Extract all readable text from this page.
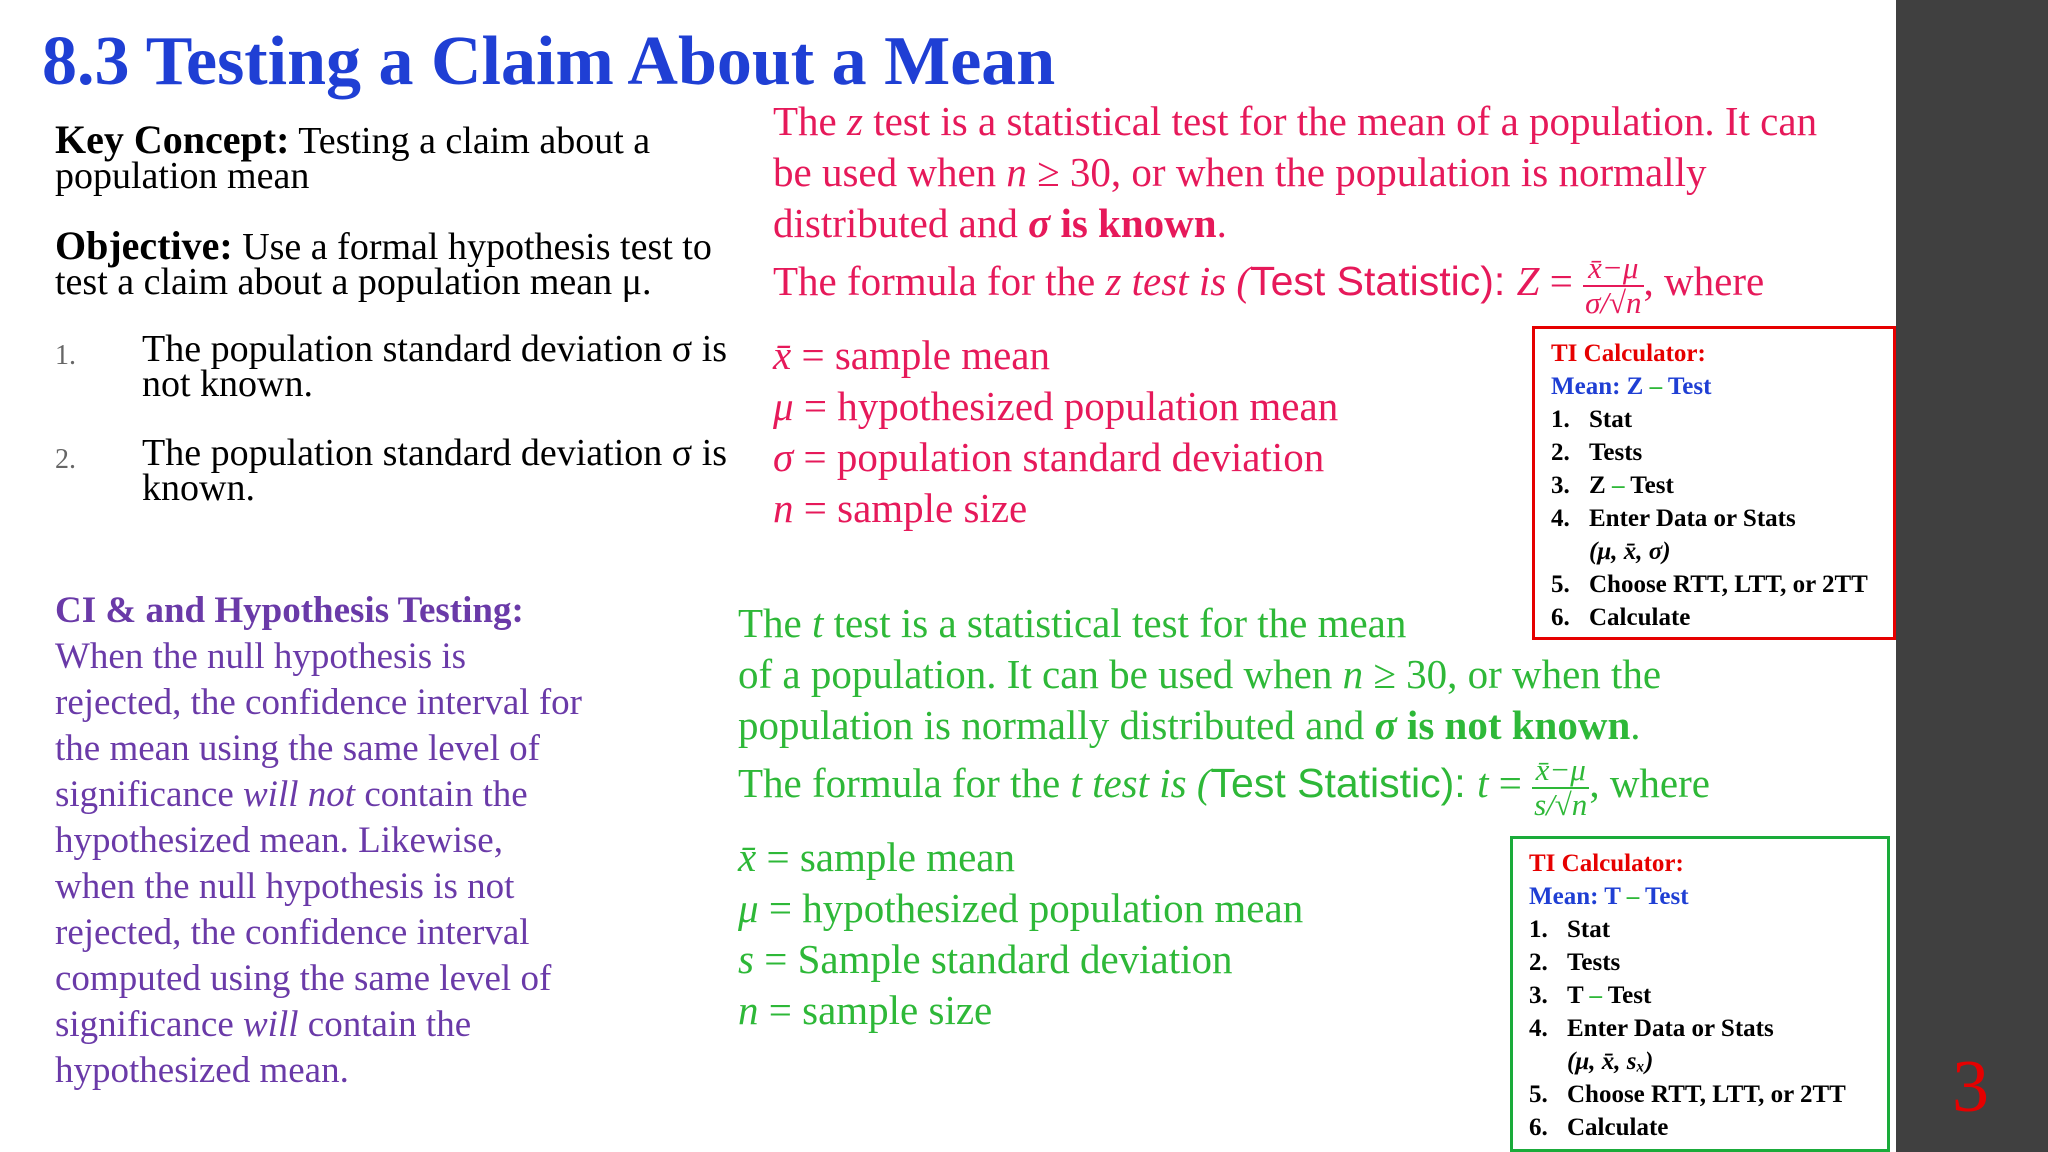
8.3 Testing a Claim About a Mean
Key Concept: Testing a claim about a
population mean
Objective: Use a formal hypothesis test to
test a claim about a population mean μ.
1. The population standard deviation σ is
not known.
2. The population standard deviation σ is
known.
CI & and Hypothesis Testing:
When the null hypothesis is
rejected, the confidence interval for
the mean using the same level of
significance will not contain the
hypothesized mean. Likewise,
when the null hypothesis is not
rejected, the confidence interval
computed using the same level of
significance will contain the
hypothesized mean.
The z test is a statistical test for the mean of a population. It can
be used when n ≥ 30, or when the population is normally
distributed and σ is known.
The formula for the z test is (Test Statistic): $Z = \frac{x̄-\mu}{\sigma/√n}$ , where
x̄ = sample mean
μ = hypothesized population mean
σ = population standard deviation
n = sample size
TI Calculator:
Mean: Z – Test
1. Stat
2. Tests
3. Z – Test
4. Enter Data or Stats
(μ, x̄, σ)
5. Choose RTT, LTT, or 2TT
6. Calculate
The t test is a statistical test for the mean
of a population. It can be used when n ≥ 30, or when the
population is normally distributed and σ is not known.
The formula for the t test is (Test Statistic): $t = \frac{x̄-\mu}{s/√n}$ , where
x̄ = sample mean
μ = hypothesized population mean
s = Sample standard deviation
n = sample size
TI Calculator:
Mean: T – Test
1. Stat
2. Tests
3. T – Test
4. Enter Data or Stats
(μ, x̄, sₓ)
5. Choose RTT, LTT, or 2TT
6. Calculate	3
